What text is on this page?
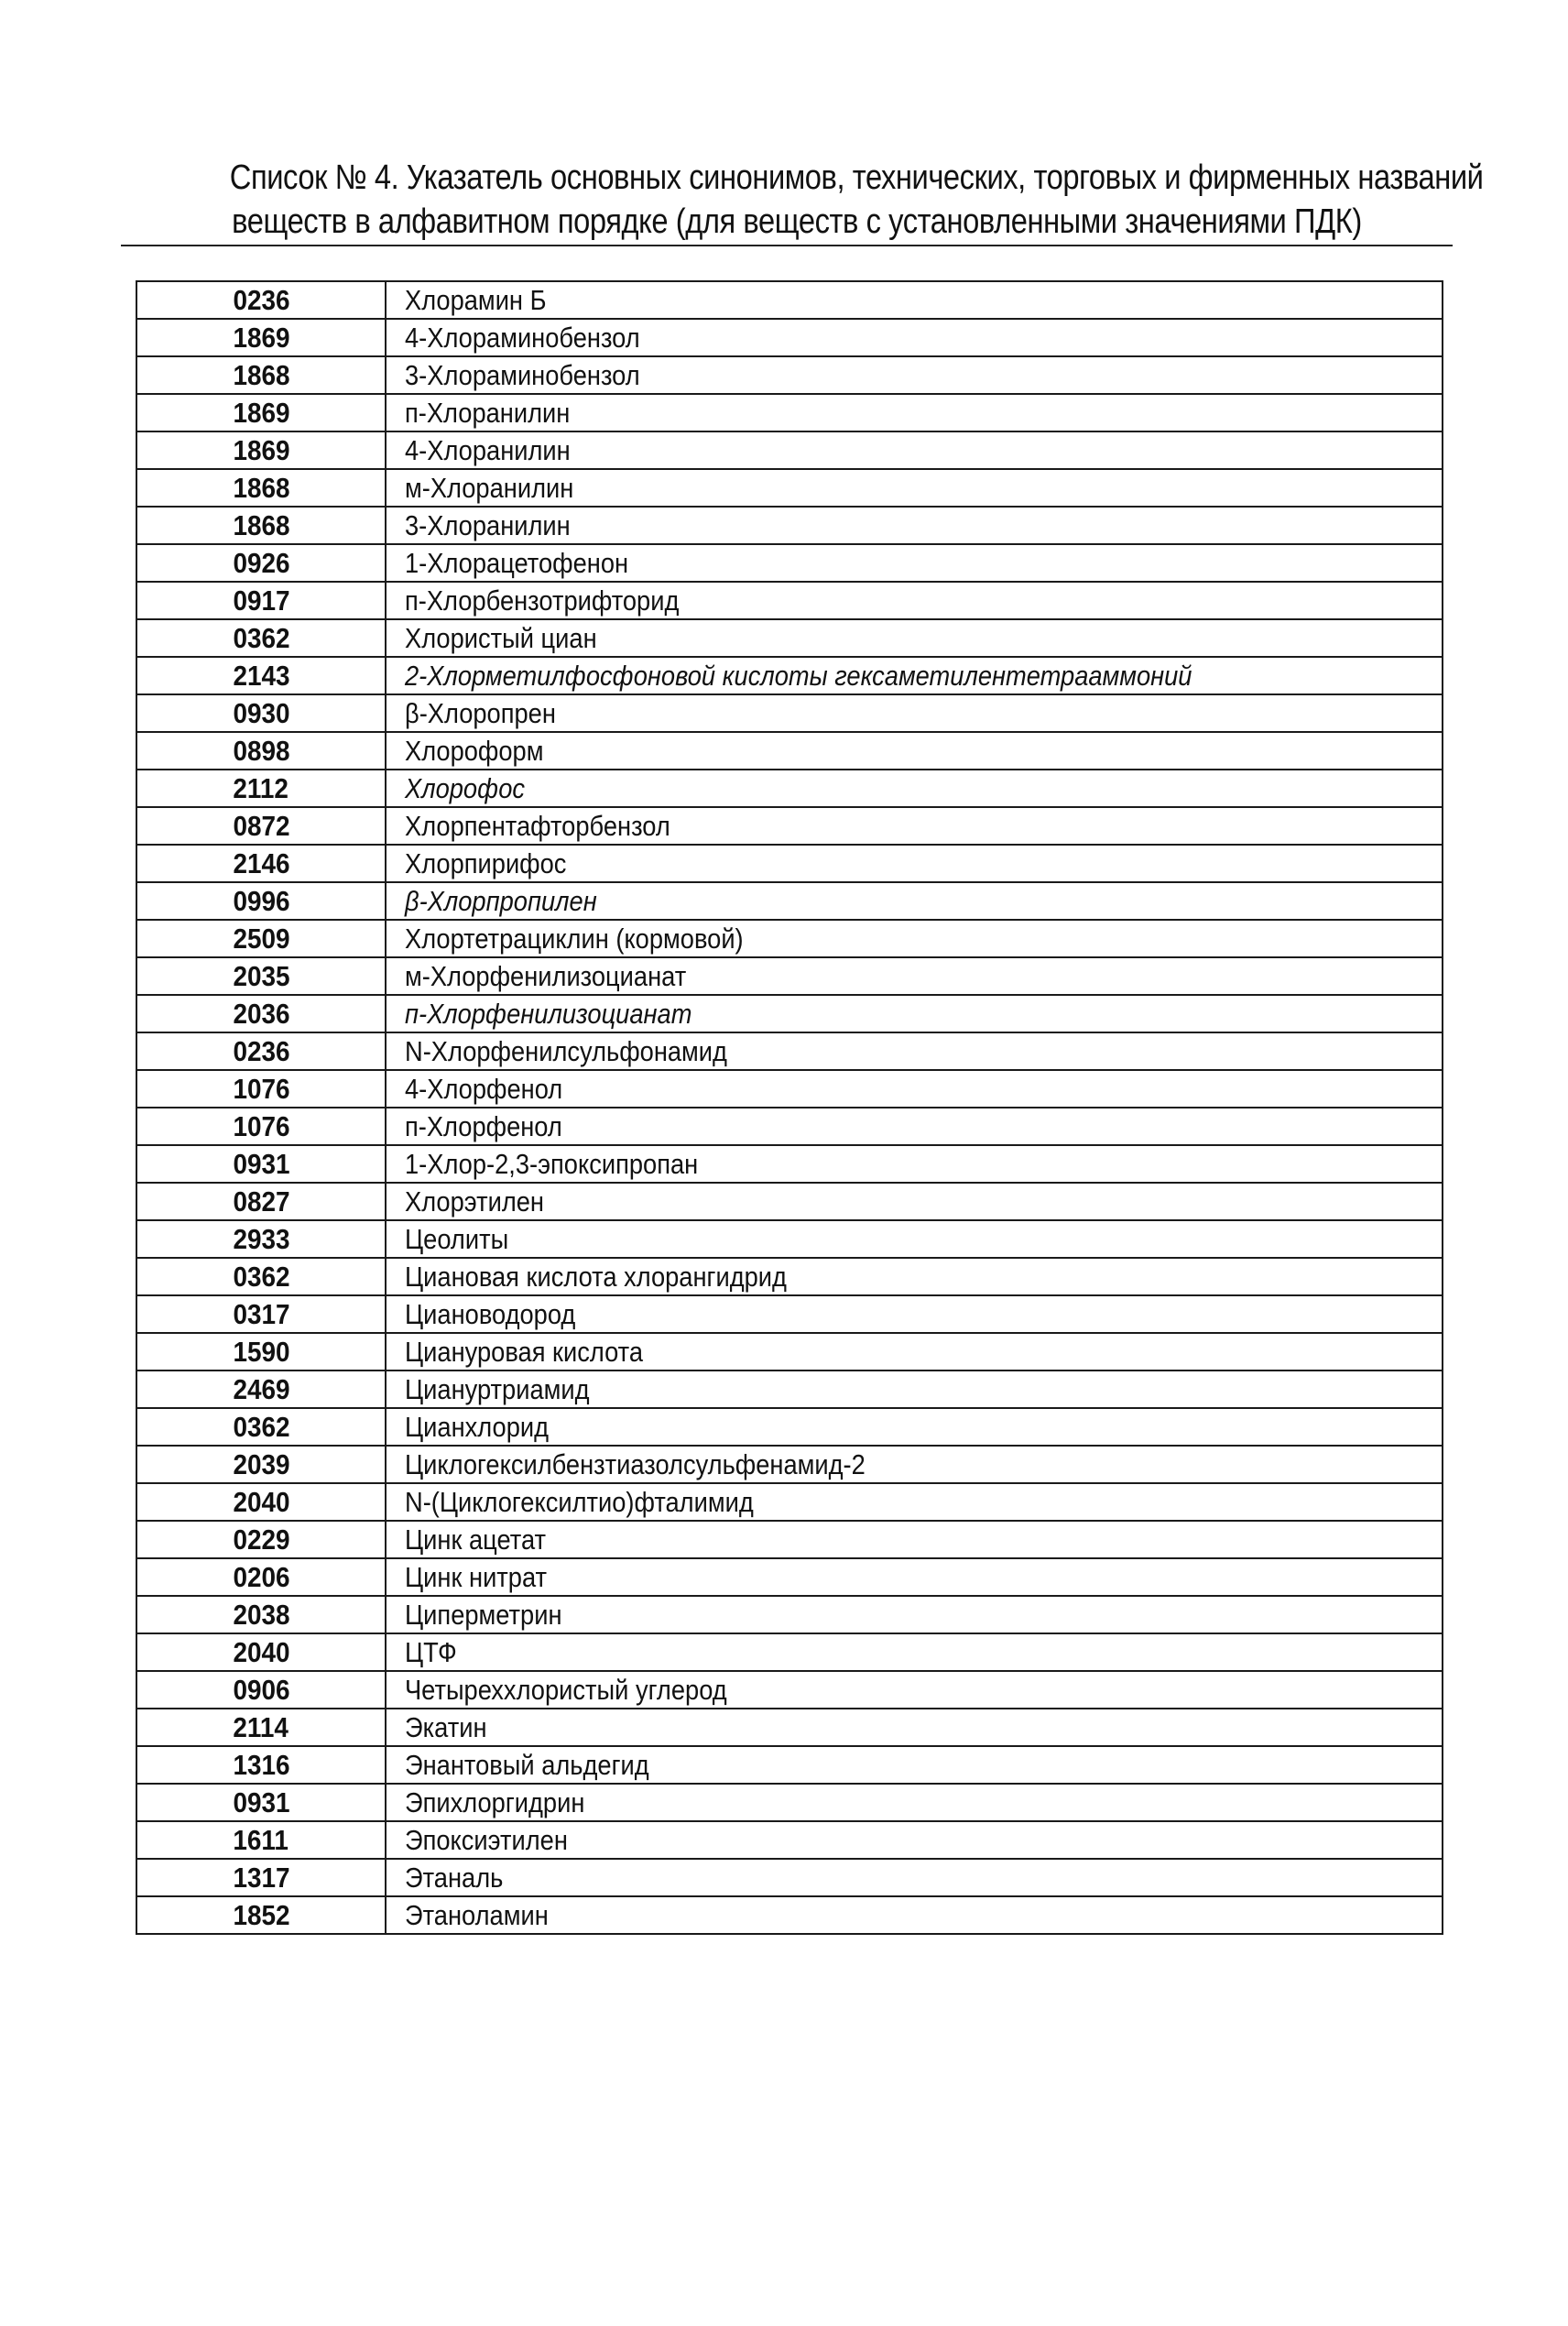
Список № 4. Указатель основных синонимов, технических, торговых и фирменных названий
веществ в алфавитном порядке (для веществ с установленными значениями ПДК)
0236	Хлорамин Б
1869	4-Хлораминобензол
1868	3-Хлораминобензол
1869	п-Хлоранилин
1869	4-Хлоранилин
1868	м-Хлоранилин
1868	3-Хлоранилин
0926	1-Хлорацетофенон
0917	п-Хлорбензотрифторид
0362	Хлористый циан
2143	2-Хлорметилфосфоновой кислоты гексаметилентетрааммоний
0930	β-Хлоропрен
0898	Хлороформ
2112	Хлорофос
0872	Хлорпентафторбензол
2146	Хлорпирифос
0996	β-Хлорпропилен
2509	Хлортетрациклин (кормовой)
2035	м-Хлорфенилизоцианат
2036	п-Хлорфенилизоцианат
0236	N-Хлорфенилсульфонамид
1076	4-Хлорфенол
1076	п-Хлорфенол
0931	1-Хлор-2,3-эпоксипропан
0827	Хлорэтилен
2933	Цеолиты
0362	Циановая кислота хлорангидрид
0317	Циановодород
1590	Циануровая кислота
2469	Циануртриамид
0362	Цианхлорид
2039	Циклогексилбензтиазолсульфенамид-2
2040	N-(Циклогексилтио)фталимид
0229	Цинк ацетат
0206	Цинк нитрат
2038	Циперметрин
2040	ЦТФ
0906	Четыреххлористый углерод
2114	Экатин
1316	Энантовый альдегид
0931	Эпихлоргидрин
1611	Эпоксиэтилен
1317	Этаналь
1852	Этаноламин
